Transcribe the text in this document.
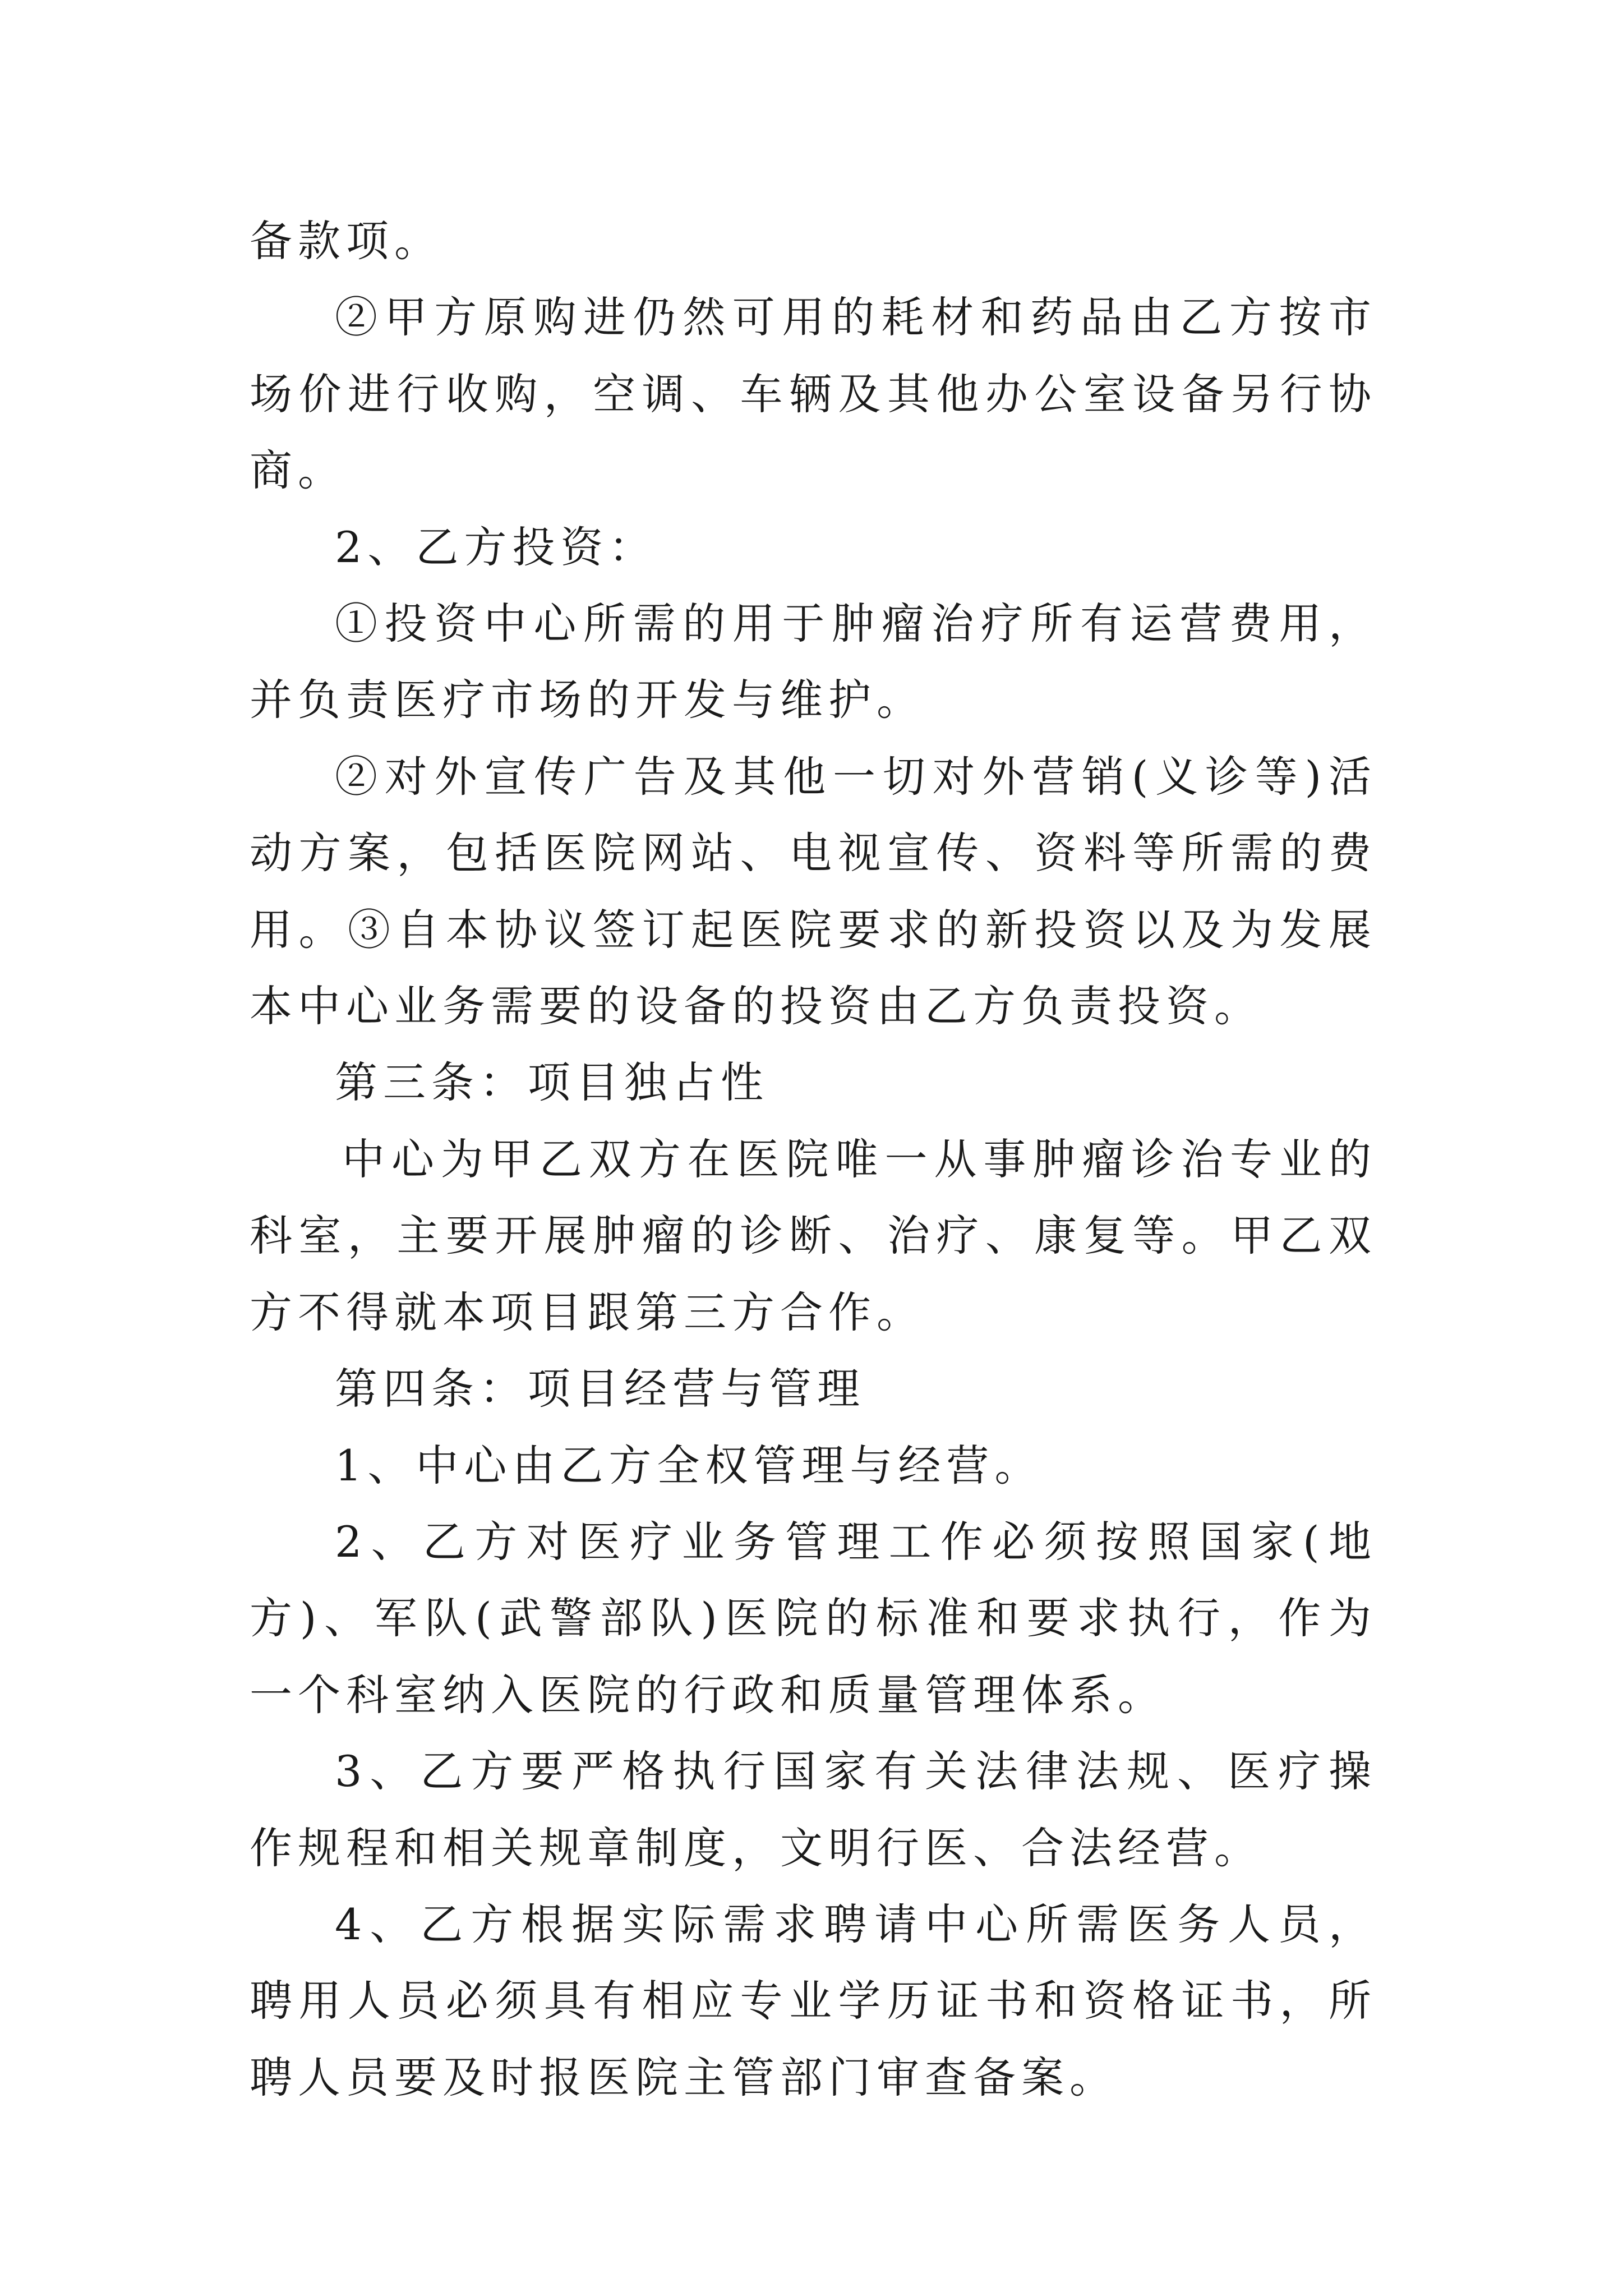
备款项。

②甲方原购进仍然可用的耗材和药品由乙方按市场价进行收购，空调、车辆及其他办公室设备另行协商。

2、乙方投资：

①投资中心所需的用于肿瘤治疗所有运营费用，并负责医疗市场的开发与维护。

②对外宣传广告及其他一切对外营销(义诊等)活动方案，包括医院网站、电视宣传、资料等所需的费用。③自本协议签订起医院要求的新投资以及为发展本中心业务需要的设备的投资由乙方负责投资。

第三条：项目独占性

中心为甲乙双方在医院唯一从事肿瘤诊治专业的科室，主要开展肿瘤的诊断、治疗、康复等。甲乙双方不得就本项目跟第三方合作。

第四条：项目经营与管理

1、中心由乙方全权管理与经营。

2、乙方对医疗业务管理工作必须按照国家(地方)、军队(武警部队)医院的标准和要求执行，作为一个科室纳入医院的行政和质量管理体系。

3、乙方要严格执行国家有关法律法规、医疗操作规程和相关规章制度，文明行医、合法经营。

4、乙方根据实际需求聘请中心所需医务人员，聘用人员必须具有相应专业学历证书和资格证书，所聘人员要及时报医院主管部门审查备案。
